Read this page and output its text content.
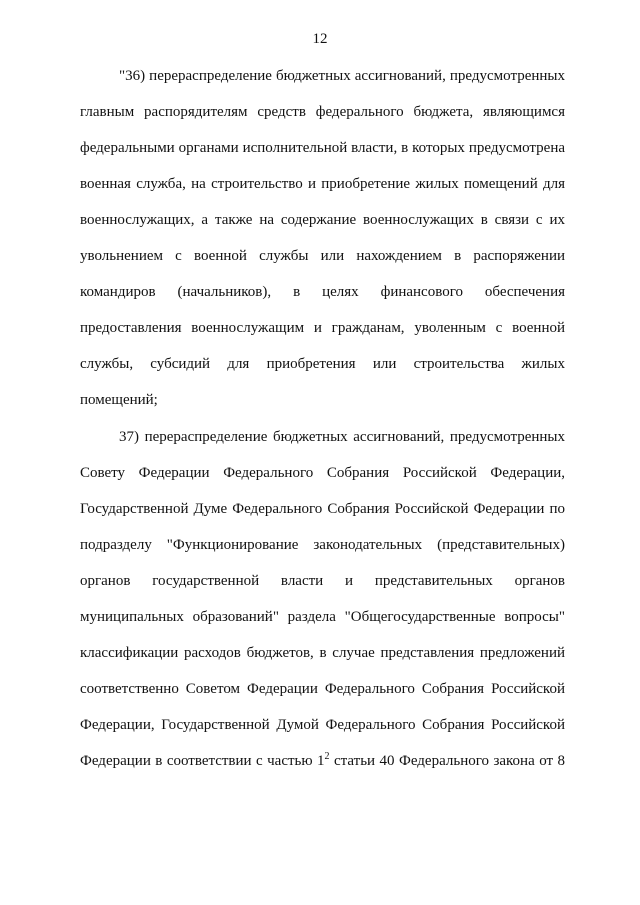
12
"36) перераспределение бюджетных ассигнований, предусмотренных
главным распорядителям средств федерального бюджета, являющимся
федеральными органами исполнительной власти, в которых предусмотрена
военная служба, на строительство и приобретение жилых помещений для
военнослужащих, а также на содержание военнослужащих в связи с их
увольнением с военной службы или нахождением в распоряжении
командиров (начальников), в целях финансового обеспечения
предоставления военнослужащим и гражданам, уволенным с военной
службы, субсидий для приобретения или строительства жилых
помещений;
37) перераспределение бюджетных ассигнований, предусмотренных
Совету Федерации Федерального Собрания Российской Федерации,
Государственной Думе Федерального Собрания Российской Федерации по
подразделу "Функционирование законодательных (представительных)
органов государственной власти и представительных органов
муниципальных образований" раздела "Общегосударственные вопросы"
классификации расходов бюджетов, в случае представления предложений
соответственно Советом Федерации Федерального Собрания Российской
Федерации, Государственной Думой Федерального Собрания Российской
Федерации в соответствии с частью $1^2$ статьи 40 Федерального закона от 8
